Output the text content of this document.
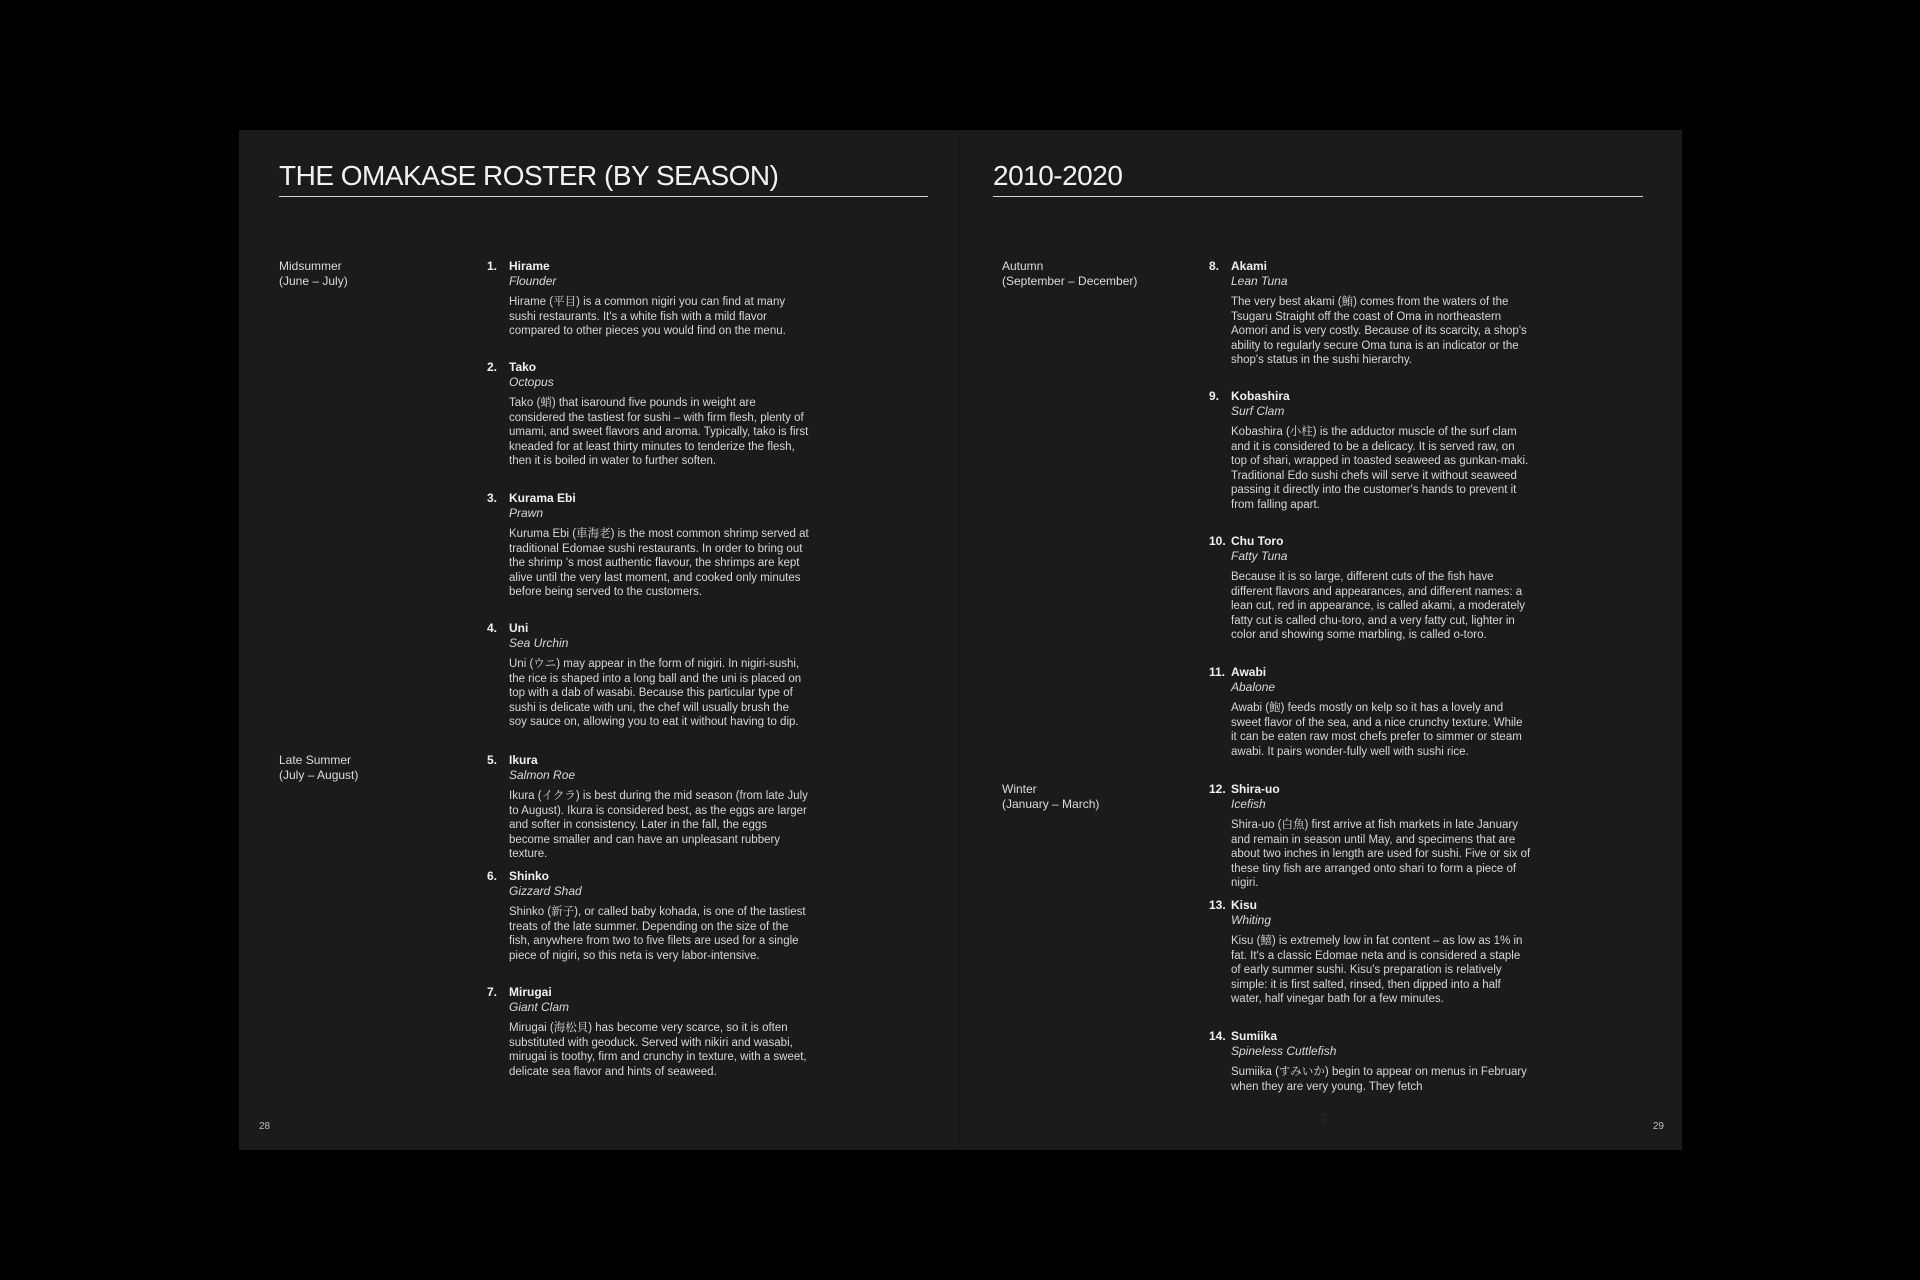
THE OMAKASE ROSTER (BY SEASON)
Midsummer
(June – July)
Late Summer
(July – August)
1. Hirame
Flounder
Hirame (平目) is a common nigiri you can find at many sushi restaurants. It's a white fish with a mild flavor compared to other pieces you would find on the menu.
2. Tako
Octopus
Tako (蛸) that isaround five pounds in weight are considered the tastiest for sushi – with firm flesh, plenty of umami, and sweet flavors and aroma. Typically, tako is first kneaded for at least thirty minutes to tenderize the flesh, then it is boiled in water to further soften.
3. Kurama Ebi
Prawn
Kuruma Ebi (車海老) is the most common shrimp served at traditional Edomae sushi restaurants. In order to bring out the shrimp 's most authentic flavour, the shrimps are kept alive until the very last moment, and cooked only minutes before being served to the customers.
4. Uni
Sea Urchin
Uni (ウニ) may appear in the form of nigiri. In nigiri-sushi, the rice is shaped into a long ball and the uni is placed on top with a dab of wasabi. Because this particular type of sushi is delicate with uni, the chef will usually brush the soy sauce on, allowing you to eat it without having to dip.
5. Ikura
Salmon Roe
Ikura (イクラ) is best during the mid season (from late July to August). Ikura is considered best, as the eggs are larger and softer in consistency. Later in the fall, the eggs become smaller and can have an unpleasant rubbery texture.
6. Shinko
Gizzard Shad
Shinko (新子), or called baby kohada, is one of the tastiest treats of the late summer. Depending on the size of the fish, anywhere from two to five filets are used for a single piece of nigiri, so this neta is very labor-intensive.
7. Mirugai
Giant Clam
Mirugai (海松貝) has become very scarce, so it is often substituted with geoduck. Served with nikiri and wasabi, mirugai is toothy, firm and crunchy in texture, with a sweet, delicate sea flavor and hints of seaweed.
28
2010-2020
Autumn
(September – December)
Winter
(January – March)
8. Akami
Lean Tuna
The very best akami (鮪) comes from the waters of the Tsugaru Straight off the coast of Oma in northeastern Aomori and is very costly. Because of its scarcity, a shop's ability to regularly secure Oma tuna is an indicator or the shop's status in the sushi hierarchy.
9. Kobashira
Surf Clam
Kobashira (小柱) is the adductor muscle of the surf clam and it is considered to be a delicacy. It is served raw, on top of shari, wrapped in toasted seaweed as gunkan-maki. Traditional Edo sushi chefs will serve it without seaweed passing it directly into the customer's hands to prevent it from falling apart.
10. Chu Toro
Fatty Tuna
Because it is so large, different cuts of the fish have different flavors and appearances, and different names: a lean cut, red in appearance, is called akami, a moderately fatty cut is called chu-toro, and a very fatty cut, lighter in color and showing some marbling, is called o-toro.
11. Awabi
Abalone
Awabi (鮑) feeds mostly on kelp so it has a lovely and sweet flavor of the sea, and a nice crunchy texture. While it can be eaten raw most chefs prefer to simmer or steam awabi. It pairs wonder-fully well with sushi rice.
12. Shira-uo
Icefish
Shira-uo (白魚) first arrive at fish markets in late January and remain in season until May, and specimens that are about two inches in length are used for sushi. Five or six of these tiny fish are arranged onto shari to form a piece of nigiri.
13. Kisu
Whiting
Kisu (鱚) is extremely low in fat content – as low as 1% in fat. It's a classic Edomae neta and is considered a staple of early summer sushi. Kisu's preparation is relatively simple: it is first salted, rinsed, then dipped into a half water, half vinegar bath for a few minutes.
14. Sumiika
Spineless Cuttlefish
Sumiika (すみいか) begin to appear on menus in February when they are very young. They fetch
7
29
